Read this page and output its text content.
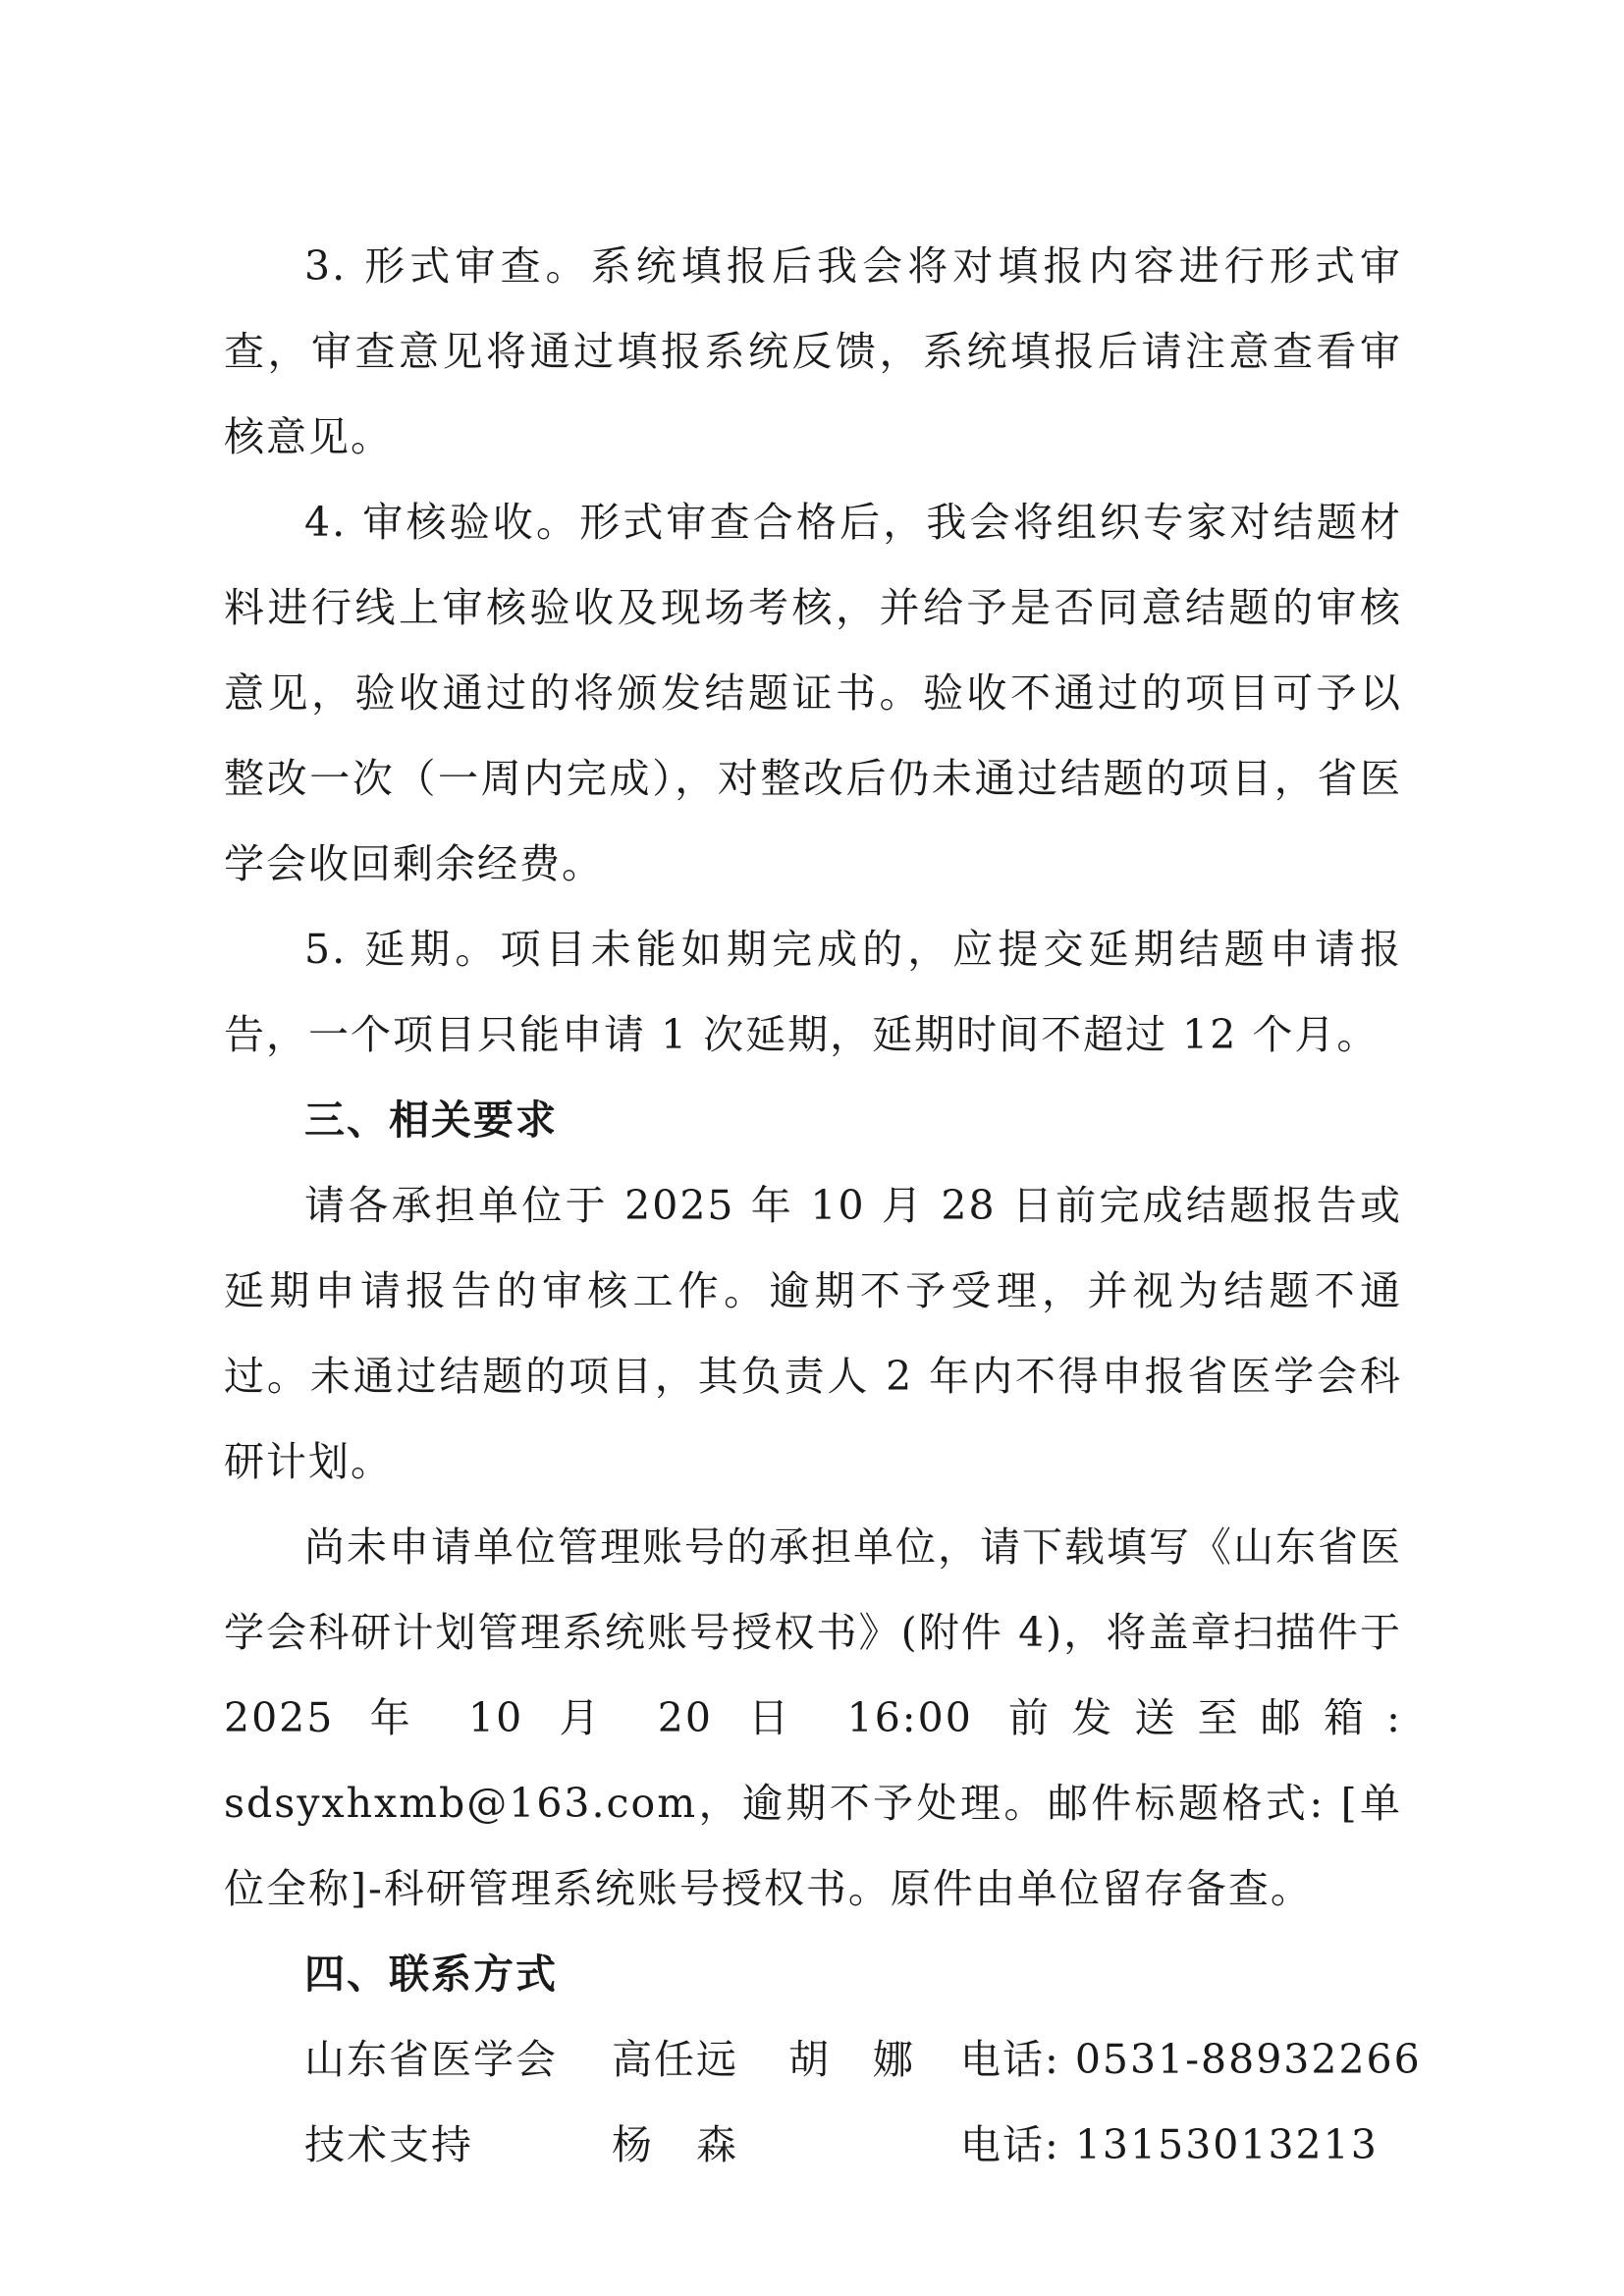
3. 形式审查。系统填报后我会将对填报内容进行形式审查，审查意见将通过填报系统反馈，系统填报后请注意查看审核意见。

4. 审核验收。形式审查合格后，我会将组织专家对结题材料进行线上审核验收及现场考核，并给予是否同意结题的审核意见，验收通过的将颁发结题证书。验收不通过的项目可予以整改一次（一周内完成），对整改后仍未通过结题的项目，省医学会收回剩余经费。

5. 延期。项目未能如期完成的，应提交延期结题申请报告，一个项目只能申请 1 次延期，延期时间不超过 12 个月。

三、相关要求

请各承担单位于 2025 年 10 月 28 日前完成结题报告或延期申请报告的审核工作。逾期不予受理，并视为结题不通过。未通过结题的项目，其负责人 2 年内不得申报省医学会科研计划。

尚未申请单位管理账号的承担单位，请下载填写《山东省医学会科研计划管理系统账号授权书》(附件 4)，将盖章扫描件于 2025 年 10 月 20 日 16:00 前发送至邮箱: sdsyxhxmb@163.com，逾期不予处理。邮件标题格式: [单位全称]-科研管理系统账号授权书。原件由单位留存备查。

四、联系方式

山东省医学会 高任远 胡　娜 电话: 0531-88932266
技术支持	杨　森	电话: 13153013213
